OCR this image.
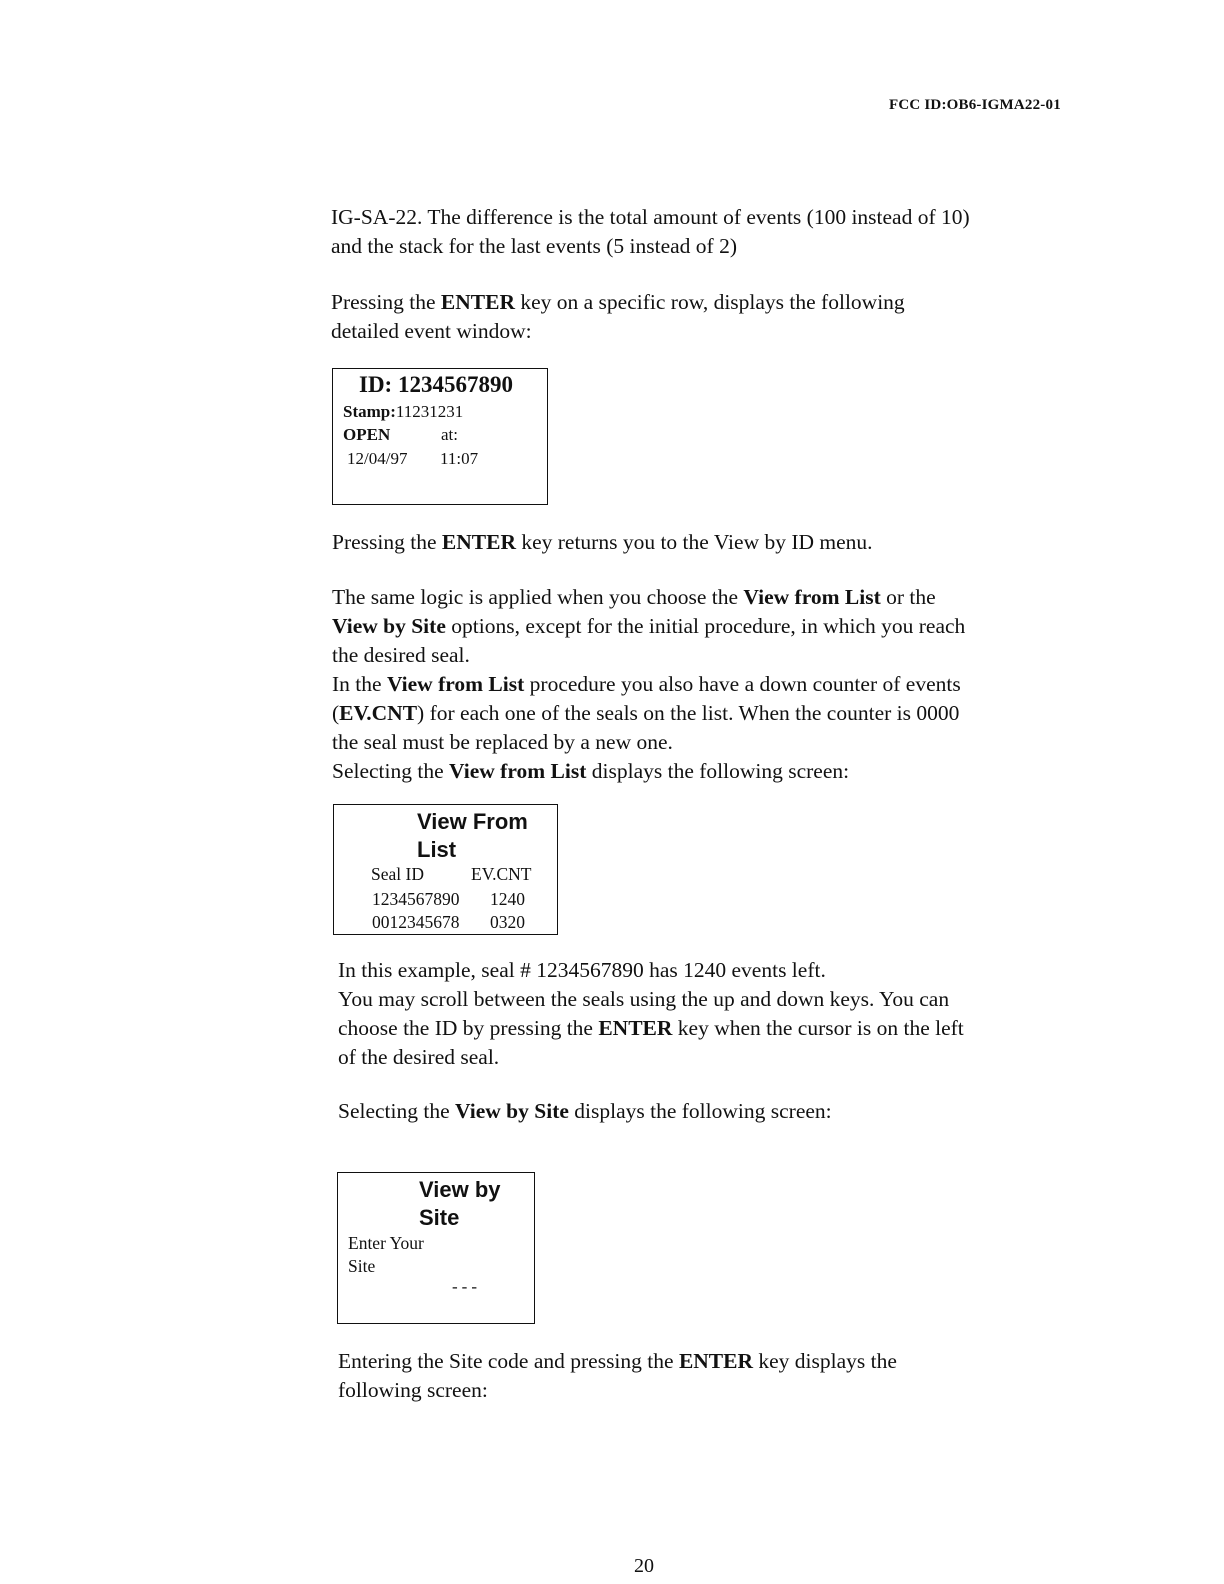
FCC ID:OB6-IGMA22-01
IG-SA-22. The difference is the total amount of events (100 instead of 10)
and the stack for the last events (5 instead of 2)
Pressing the ENTER key on a specific row, displays the following
detailed event window:
ID: 1234567890
Stamp:11231231
OPEN	at:
12/04/97 11:07
Pressing the ENTER key returns you to the View by ID menu.
The same logic is applied when you choose the View from List or the
View by Site options, except for the initial procedure, in which you reach
the desired seal.
In the View from List procedure you also have a down counter of events
(EV.CNT) for each one of the seals on the list. When the counter is 0000
the seal must be replaced by a new one.
Selecting the View from List displays the following screen:
View From
List
Seal ID	EV.CNT
1234567890 1240
0012345678 0320
In this example, seal # 1234567890 has 1240 events left.
You may scroll between the seals using the up and down keys. You can
choose the ID by pressing the ENTER key when the cursor is on the left
of the desired seal.
Selecting the View by Site displays the following screen:
View by
Site
Enter Your
Site
---
Entering the Site code and pressing the ENTER key displays the
following screen:
20
